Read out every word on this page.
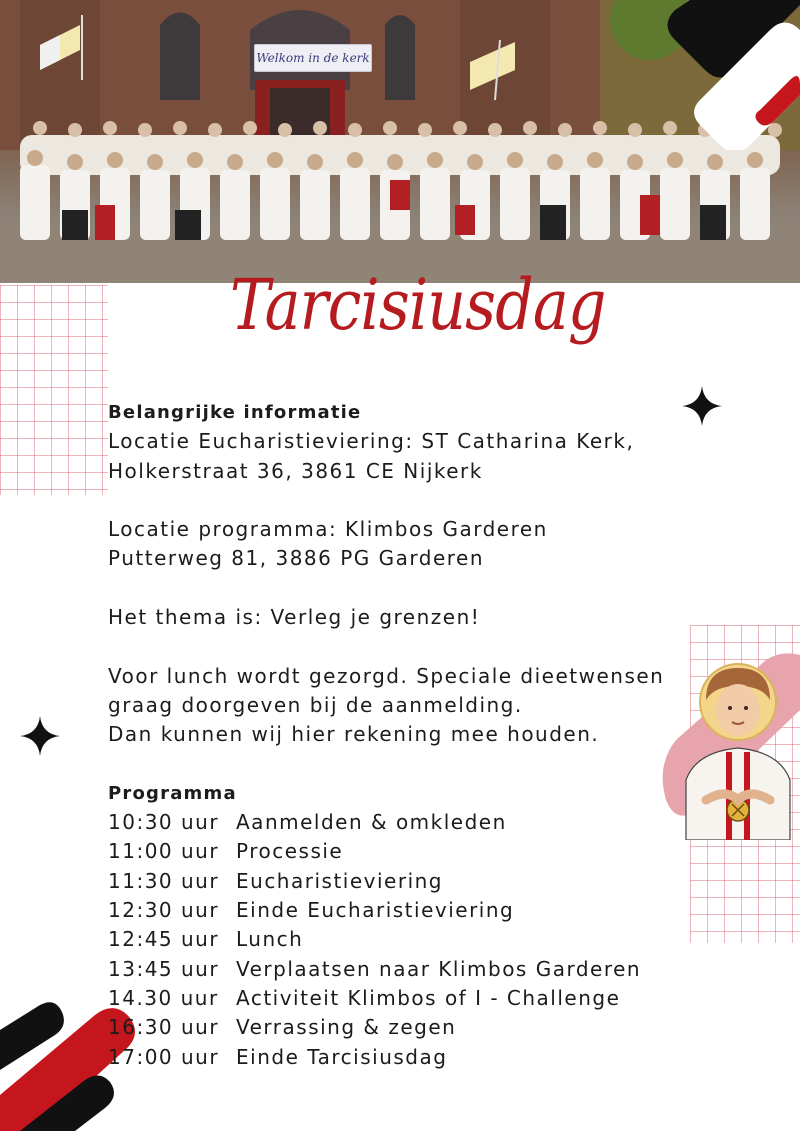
Welkom in de kerk
Tarcisiusdag
Belangrijke informatie
Locatie Eucharistieviering: ST Catharina Kerk,
Holkerstraat 36, 3861 CE Nijkerk
Locatie programma: Klimbos Garderen
Putterweg 81, 3886 PG Garderen
Het thema is: Verleg je grenzen!
Voor lunch wordt gezorgd. Speciale dieetwensen
graag doorgeven bij de aanmelding.
Dan kunnen wij hier rekening mee houden.
Programma
10:30 uur Aanmelden & omkleden
11:00 uur Processie
11:30 uur Eucharistieviering
12:30 uur Einde Eucharistieviering
12:45 uur Lunch
13:45 uur Verplaatsen naar Klimbos Garderen
14.30 uur Activiteit Klimbos of I - Challenge
16:30 uur Verrassing & zegen
17:00 uur Einde Tarcisiusdag
